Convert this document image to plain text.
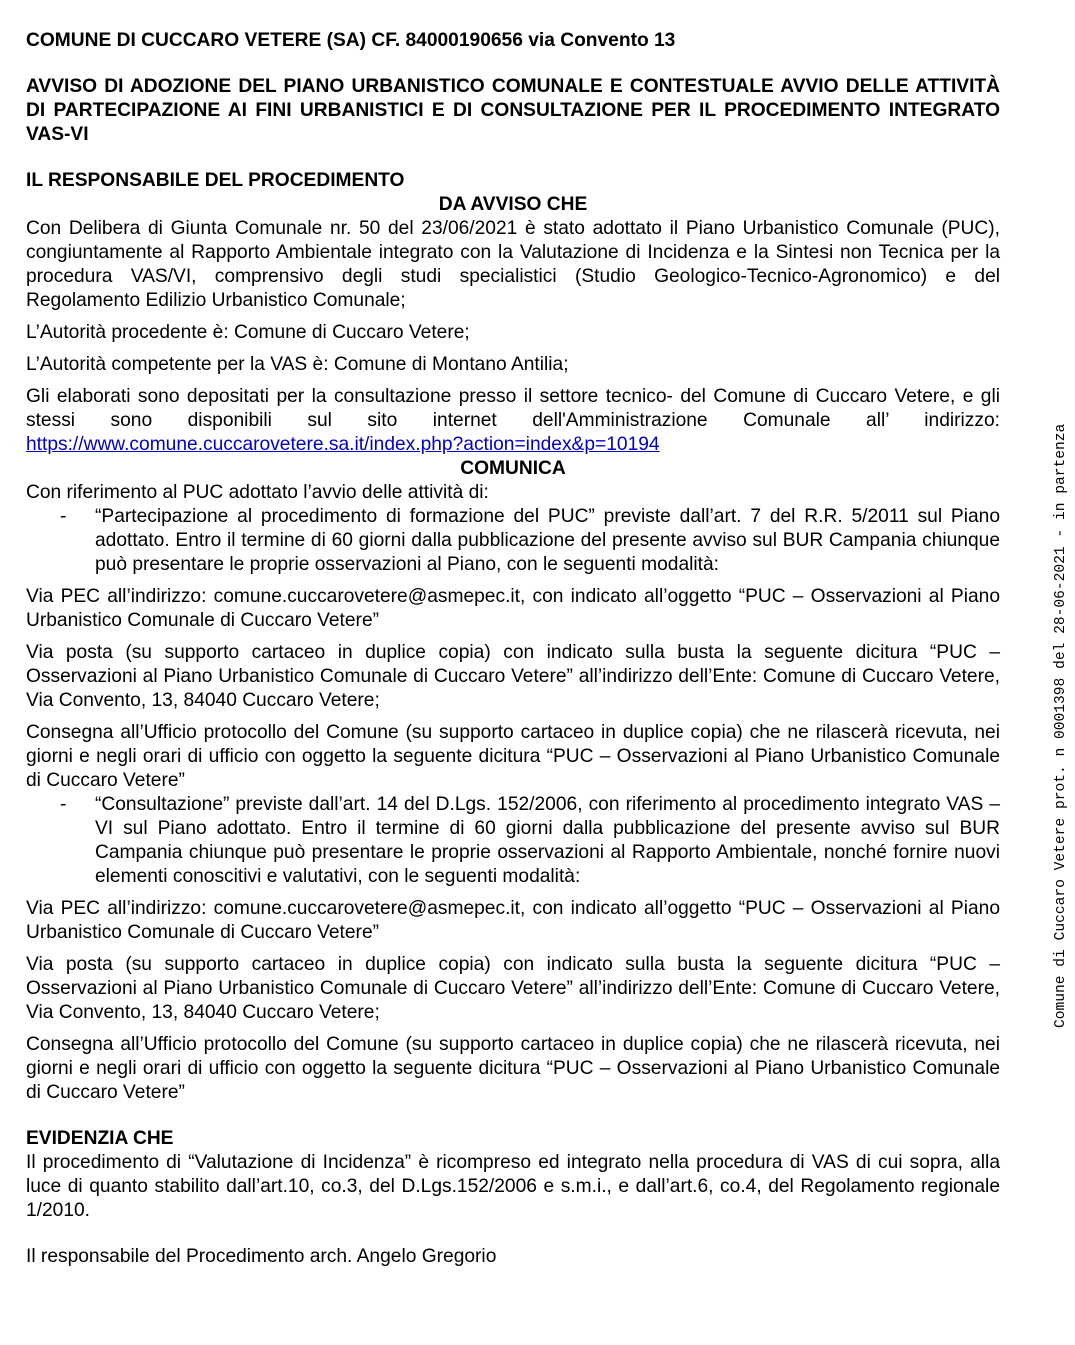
COMUNE DI CUCCARO VETERE (SA) CF. 84000190656 via Convento 13
AVVISO DI ADOZIONE DEL PIANO URBANISTICO COMUNALE E CONTESTUALE AVVIO DELLE ATTIVITÀ DI PARTECIPAZIONE AI FINI URBANISTICI E DI CONSULTAZIONE PER IL PROCEDIMENTO INTEGRATO VAS-VI
IL RESPONSABILE DEL PROCEDIMENTO
DA AVVISO CHE

Con Delibera di Giunta Comunale nr. 50 del 23/06/2021 è stato adottato il Piano Urbanistico Comunale (PUC), congiuntamente al Rapporto Ambientale integrato con la Valutazione di Incidenza e la Sintesi non Tecnica per la procedura VAS/VI, comprensivo degli studi specialistici (Studio Geologico-Tecnico-Agronomico) e del Regolamento Edilizio Urbanistico Comunale;

L’Autorità procedente è: Comune di Cuccaro Vetere;

L’Autorità competente per la VAS è: Comune di Montano Antilia;

Gli elaborati sono depositati per la consultazione presso il settore tecnico- del Comune di Cuccaro Vetere, e gli stessi sono disponibili sul sito internet dell'Amministrazione Comunale all’ indirizzo: https://www.comune.cuccarovetere.sa.it/index.php?action=index&p=10194

COMUNICA

Con riferimento al PUC adottato l’avvio delle attività di:

- “Partecipazione al procedimento di formazione del PUC” previste dall’art. 7 del R.R. 5/2011 sul Piano adottato. Entro il termine di 60 giorni dalla pubblicazione del presente avviso sul BUR Campania chiunque può presentare le proprie osservazioni al Piano, con le seguenti modalità:

Via PEC all’indirizzo: comune.cuccarovetere@asmepec.it, con indicato all’oggetto “PUC – Osservazioni al Piano Urbanistico Comunale di Cuccaro Vetere”

Via posta (su supporto cartaceo in duplice copia) con indicato sulla busta la seguente dicitura “PUC – Osservazioni al Piano Urbanistico Comunale di Cuccaro Vetere” all’indirizzo dell’Ente: Comune di Cuccaro Vetere, Via Convento, 13, 84040 Cuccaro Vetere;

Consegna all’Ufficio protocollo del Comune (su supporto cartaceo in duplice copia) che ne rilascerà ricevuta, nei giorni e negli orari di ufficio con oggetto la seguente dicitura “PUC – Osservazioni al Piano Urbanistico Comunale di Cuccaro Vetere”

- “Consultazione” previste dall’art. 14 del D.Lgs. 152/2006, con riferimento al procedimento integrato VAS – VI sul Piano adottato. Entro il termine di 60 giorni dalla pubblicazione del presente avviso sul BUR Campania chiunque può presentare le proprie osservazioni al Rapporto Ambientale, nonché fornire nuovi elementi conoscitivi e valutativi, con le seguenti modalità:

Via PEC all’indirizzo: comune.cuccarovetere@asmepec.it, con indicato all’oggetto “PUC – Osservazioni al Piano Urbanistico Comunale di Cuccaro Vetere”

Via posta (su supporto cartaceo in duplice copia) con indicato sulla busta la seguente dicitura “PUC – Osservazioni al Piano Urbanistico Comunale di Cuccaro Vetere” all’indirizzo dell’Ente: Comune di Cuccaro Vetere, Via Convento, 13, 84040 Cuccaro Vetere;

Consegna all’Ufficio protocollo del Comune (su supporto cartaceo in duplice copia) che ne rilascerà ricevuta, nei giorni e negli orari di ufficio con oggetto la seguente dicitura “PUC – Osservazioni al Piano Urbanistico Comunale di Cuccaro Vetere”

EVIDENZIA CHE

Il procedimento di “Valutazione di Incidenza” è ricompreso ed integrato nella procedura di VAS di cui sopra, alla luce di quanto stabilito dall’art.10, co.3, del D.Lgs.152/2006 e s.m.i., e dall’art.6, co.4, del Regolamento regionale 1/2010.

Il responsabile del Procedimento arch. Angelo Gregorio

Comune di Cuccaro Vetere prot. n 0001398 del 28-06-2021 - in partenza
